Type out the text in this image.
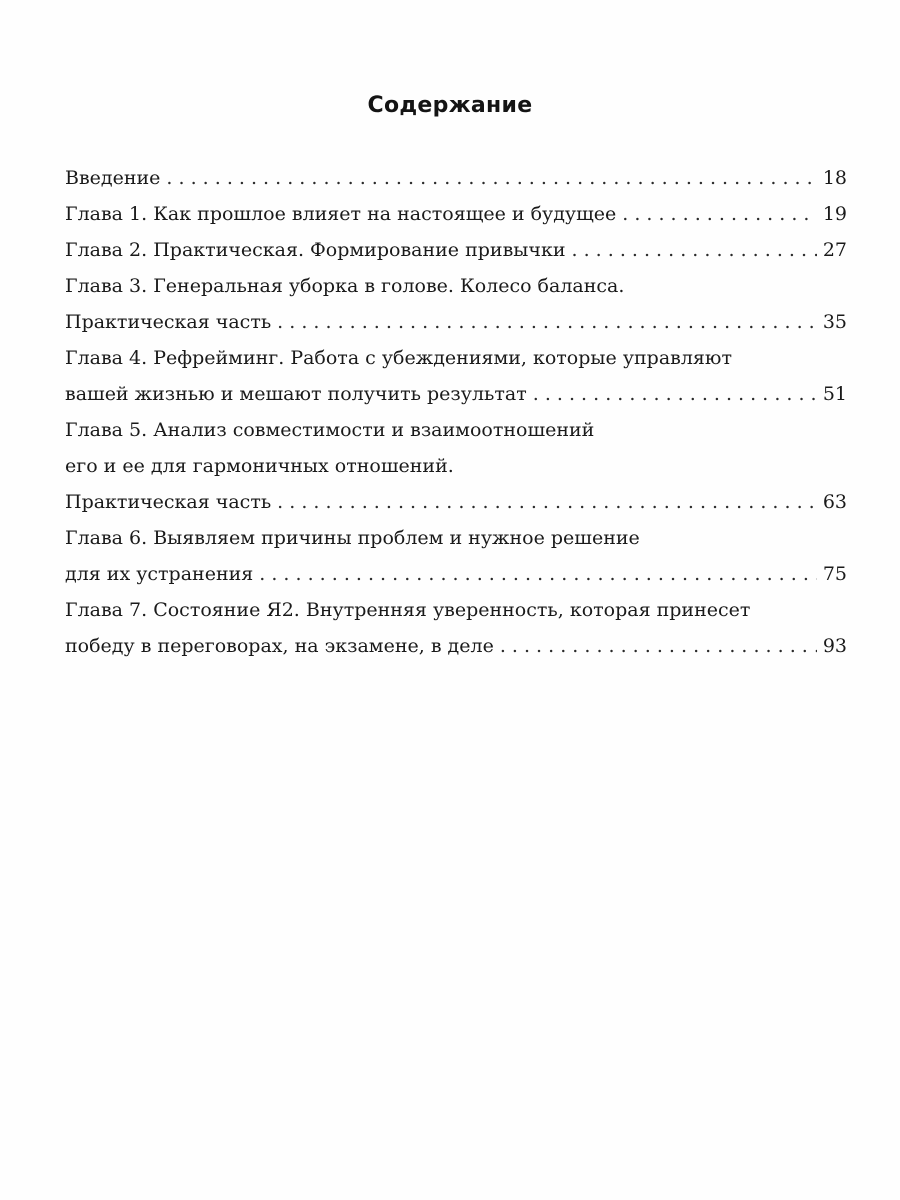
Содержание
Введение . . .	18
Глава 1. Как прошлое влияет на настоящее и будущее . . .	19
Глава 2. Практическая. Формирование привычки . . .	27
Глава 3. Генеральная уборка в голове. Колесо баланса.
Практическая часть . . .	35
Глава 4. Рефрейминг. Работа с убеждениями, которые управляют
вашей жизнью и мешают получить результат . . .	51
Глава 5. Анализ совместимости и взаимоотношений
его и ее для гармоничных отношений.
Практическая часть . . .	63
Глава 6. Выявляем причины проблем и нужное решение
для их устранения . . .	75
Глава 7. Состояние Я2. Внутренняя уверенность, которая принесет
победу в переговорах, на экзамене, в деле . . .	93
